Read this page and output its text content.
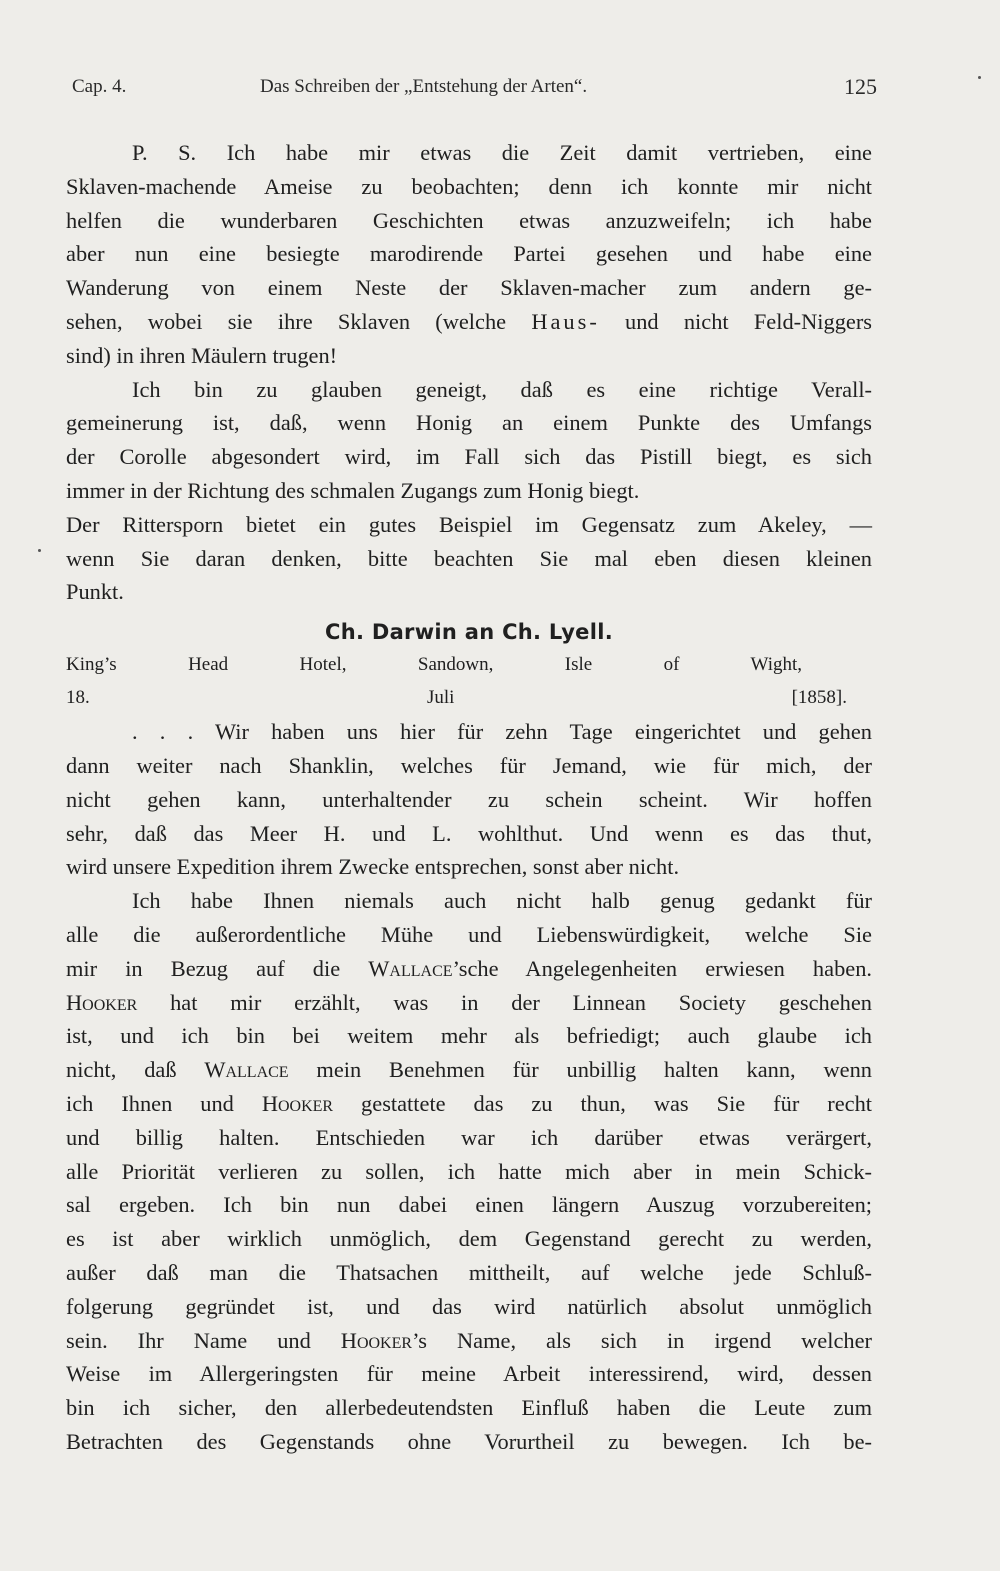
Cap. 4.	Das Schreiben der „Entstehung der Arten“.	125

P. S. Ich habe mir etwas die Zeit damit vertrieben, eine

Sklaven-machende Ameise zu beobachten; denn ich konnte mir nicht

helfen die wunderbaren Geschichten etwas anzuzweifeln; ich habe

aber nun eine besiegte marodirende Partei gesehen und habe eine

Wanderung von einem Neste der Sklaven-macher zum andern ge-

sehen, wobei sie ihre Sklaven (welche Haus- und nicht Feld-Niggers

sind) in ihren Mäulern trugen!

Ich bin zu glauben geneigt, daß es eine richtige Verall-

gemeinerung ist, daß, wenn Honig an einem Punkte des Umfangs

der Corolle abgesondert wird, im Fall sich das Pistill biegt, es sich

immer in der Richtung des schmalen Zugangs zum Honig biegt.

Der Rittersporn bietet ein gutes Beispiel im Gegensatz zum Akeley, —

wenn Sie daran denken, bitte beachten Sie mal eben diesen kleinen

Punkt.

Ch. Darwin an Ch. Lyell.

King’s Head Hotel, Sandown, Isle of Wight,

18. Juli [1858].

. . . Wir haben uns hier für zehn Tage eingerichtet und gehen

dann weiter nach Shanklin, welches für Jemand, wie für mich, der

nicht gehen kann, unterhaltender zu schein scheint. Wir hoffen

sehr, daß das Meer H. und L. wohlthut. Und wenn es das thut,

wird unsere Expedition ihrem Zwecke entsprechen, sonst aber nicht.

Ich habe Ihnen niemals auch nicht halb genug gedankt für

alle die außerordentliche Mühe und Liebenswürdigkeit, welche Sie

mir in Bezug auf die Wallace’sche Angelegenheiten erwiesen haben.

Hooker hat mir erzählt, was in der Linnean Society geschehen

ist, und ich bin bei weitem mehr als befriedigt; auch glaube ich

nicht, daß Wallace mein Benehmen für unbillig halten kann, wenn

ich Ihnen und Hooker gestattete das zu thun, was Sie für recht

und billig halten. Entschieden war ich darüber etwas verärgert,

alle Priorität verlieren zu sollen, ich hatte mich aber in mein Schick-

sal ergeben. Ich bin nun dabei einen längern Auszug vorzubereiten;

es ist aber wirklich unmöglich, dem Gegenstand gerecht zu werden,

außer daß man die Thatsachen mittheilt, auf welche jede Schluß-

folgerung gegründet ist, und das wird natürlich absolut unmöglich

sein. Ihr Name und Hooker’s Name, als sich in irgend welcher

Weise im Allergeringsten für meine Arbeit interessirend, wird, dessen

bin ich sicher, den allerbedeutendsten Einfluß haben die Leute zum

Betrachten des Gegenstands ohne Vorurtheil zu bewegen. Ich be-
